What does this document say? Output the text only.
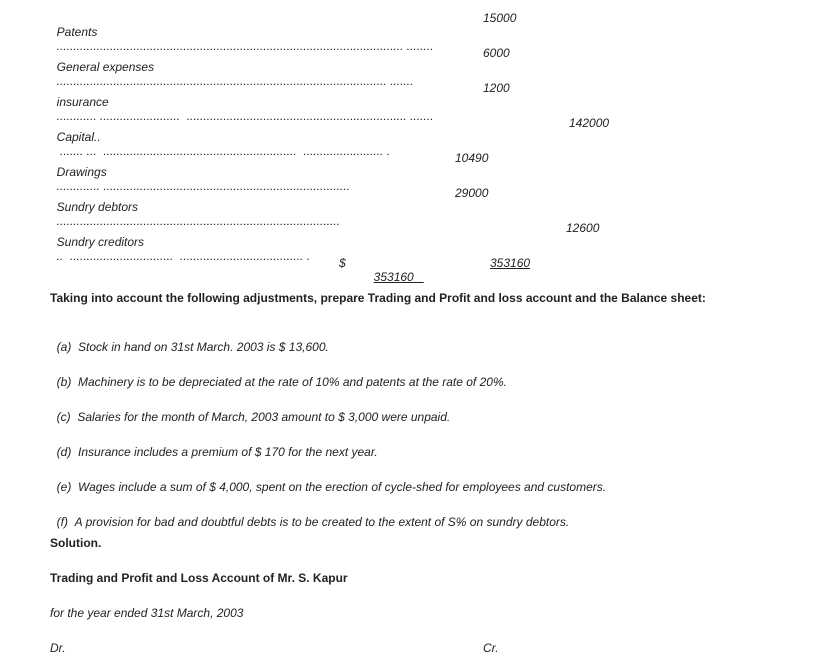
Patents
........................................................................................................ ........

15000

General expenses
................................................................................................... .......

6000

insurance
............ ........................  .................................................................. .......

1200

Capital..
....... ...  ..........................................................  ........................ .

142000

Drawings
............. ..........................................................................

10490

Sundry debtors
.....................................................................................

29000

Sundry creditors
..  ...............................  ..................................... .

12600
$

353160

353160
Taking into account the following adjustments, prepare Trading and Profit and loss account and the Balance sheet:

(a) Stock in hand on 31st March. 2003 is $ 13,600.

(b) Machinery is to be depreciated at the rate of 10% and patents at the rate of 20%.

(c) Salaries for the month of March, 2003 amount to $ 3,000 were unpaid.

(d) Insurance includes a premium of $ 170 for the next year.

(e) Wages include a sum of $ 4,000, spent on the erection of cycle-shed for employees and customers.

(f) A provision for bad and doubtful debts is to be created to the extent of S% on sundry debtors.

Solution.
Trading and Profit and Loss Account of Mr. S. Kapur
for the year ended 31st March, 2003
Dr.	Cr.
